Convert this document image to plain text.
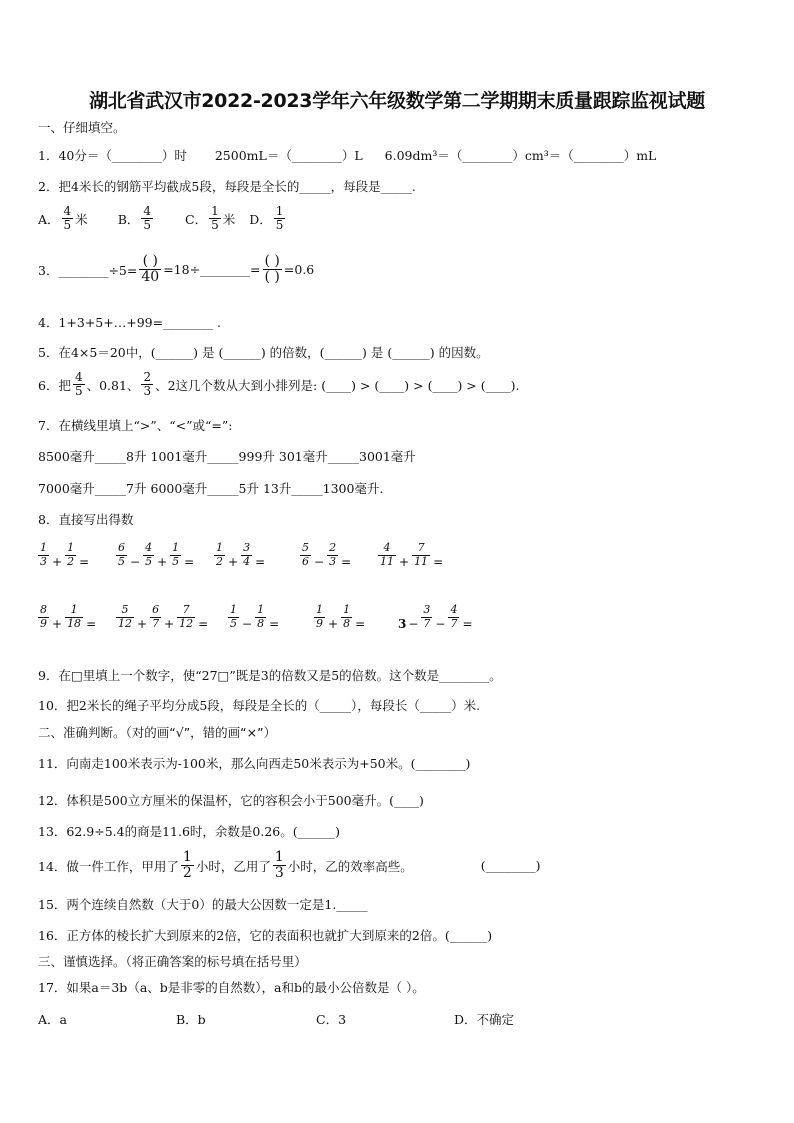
湖北省武汉市2022-2023学年六年级数学第二学期期末质量跟踪监视试题
一、仔细填空。
1．40分＝（________）时 2500mL＝（________）L 6.09dm³＝（________）cm³＝（________）mL
2．把4米长的钢筋平均截成5段，每段是全长的_____，每段是_____.
A． $\frac{4}{5}$ 米 B． $\frac{4}{5}$	C． $\frac{1}{5}$ 米 D． $\frac{1}{5}$
3．________÷5= $\frac{( )}{40}$ =18÷________= $\frac{( )}{( )} =0.6$
4．1+3+5+…+99=________ .
5．在4×5＝20中，(______) 是 (______) 的倍数，(______) 是 (______) 的因数。
6．把 $\frac{4}{5}$ 、0.81、 $\frac{2}{3}$ 、2这几个数从大到小排列是: (____) > (____) > (____) > (____).
7．在横线里填上“>”、“<”或“=”:
8500毫升_____8升 1001毫升_____999升 301毫升_____3001毫升
7000毫升_____7升 6000毫升_____5升 13升_____1300毫升.
8．直接写出得数
$\frac{1}{3} + \frac{1}{2} = \frac{6}{5} - \frac{4}{5} + \frac{1}{5} = \frac{1}{2} + \frac{3}{4}$ =	$\frac{5}{6} - \frac{2}{3} = \frac{4}{11} + \frac{7}{11}$ =
$\frac{8}{9} + \frac{1}{18} = \frac{5}{12} + \frac{6}{7} + \frac{7}{12} = \frac{1}{5} - \frac{1}{8}$ =	$\frac{1}{9} + \frac{1}{8}$ =	$3 - \frac{3}{7} - \frac{4}{7}$ =
9．在□里填上一个数字，使“27□”既是3的倍数又是5的倍数。这个数是________。
10．把2米长的绳子平均分成5段，每段是全长的（_____），每段长（_____）米.
二、准确判断。（对的画“√”，错的画“×”）
11．向南走100米表示为-100米，那么向西走50米表示为+50米。(________)
12．体积是500立方厘米的保温杯，它的容积会小于500毫升。(____)
13．62.9÷5.4的商是11.6时，余数是0.26。(______)
14．做一件工作，甲用了 $\frac{1}{2}$ 小时，乙用了 $\frac{1}{3}$ 小时，乙的效率高些。	(________)
15．两个连续自然数（大于0）的最大公因数一定是1._____
16．正方体的棱长扩大到原来的2倍，它的表面积也就扩大到原来的2倍。(______)
三、谨慎选择。（将正确答案的标号填在括号里）
17．如果a＝3b（a、b是非零的自然数），a和b的最小公倍数是（ ）。
A．a	B．b	C．3	D．不确定
